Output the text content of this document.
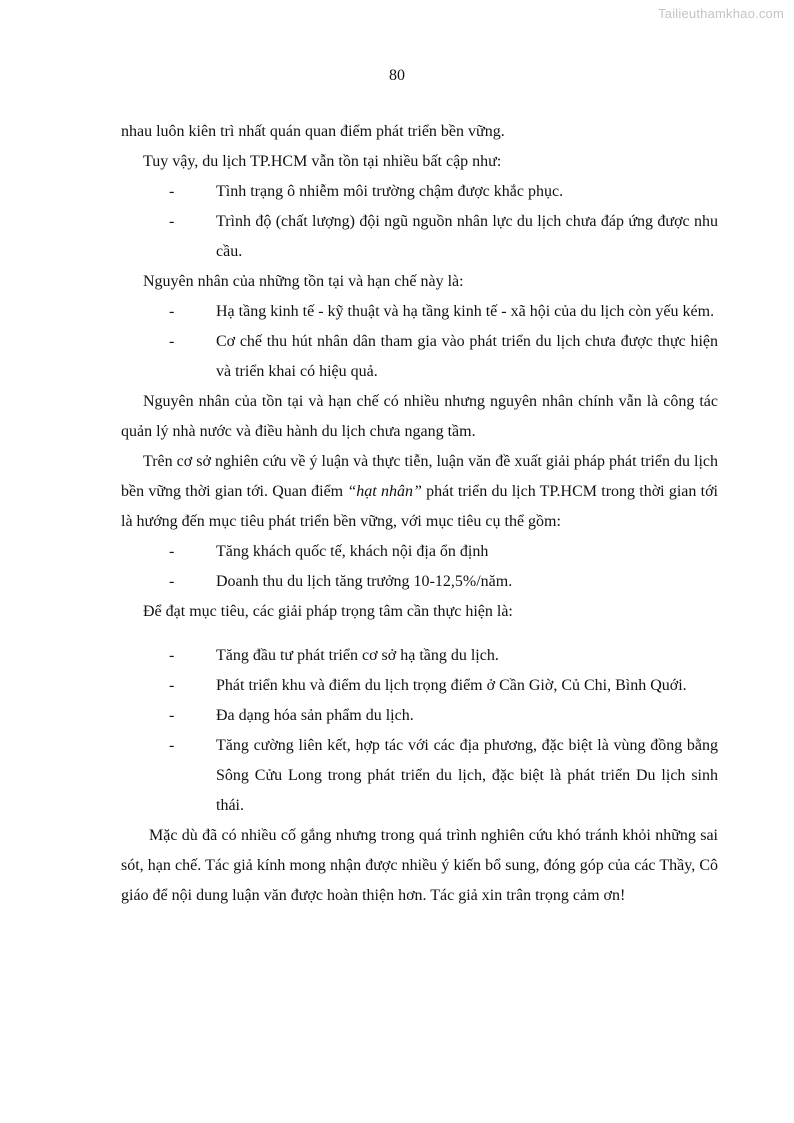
Tailieuthamkhao.com
80

nhau luôn kiên trì nhất quán quan điểm phát triển bền vững.

Tuy vậy, du lịch TP.HCM vẫn tồn tại nhiều bất cập như:

-	Tình trạng ô nhiễm môi trường chậm được khắc phục.
-	Trình độ (chất lượng) đội ngũ nguồn nhân lực du lịch chưa đáp ứng được nhu cầu.

Nguyên nhân của những tồn tại và hạn chế này là:

-	Hạ tầng kinh tế - kỹ thuật và hạ tầng kinh tế - xã hội của du lịch còn yếu kém.
-	Cơ chế thu hút nhân dân tham gia vào phát triển du lịch chưa được thực hiện và triển khai có hiệu quả.

Nguyên nhân của tồn tại và hạn chế có nhiều nhưng nguyên nhân chính vẫn là công tác quản lý nhà nước và điều hành du lịch chưa ngang tầm.

Trên cơ sở nghiên cứu về ý luận và thực tiễn, luận văn đề xuất giải pháp phát triển du lịch bền vững thời gian tới. Quan điểm “hạt nhân” phát triển du lịch TP.HCM trong thời gian tới là hướng đến mục tiêu phát triển bền vững, với mục tiêu cụ thể gồm:

-	Tăng khách quốc tế, khách nội địa ổn định
-	Doanh thu du lịch tăng trưởng 10-12,5%/năm.

Để đạt mục tiêu, các giải pháp trọng tâm cần thực hiện là:

-	Tăng đầu tư phát triển cơ sở hạ tầng du lịch.
-	Phát triển khu và điểm du lịch trọng điểm ở Cần Giờ, Củ Chi, Bình Quới.
-	Đa dạng hóa sản phẩm du lịch.
-	Tăng cường liên kết, hợp tác với các địa phương, đặc biệt là vùng đồng bằng Sông Cửu Long trong phát triển du lịch, đặc biệt là phát triển Du lịch sinh thái.

Mặc dù đã có nhiều cố gắng nhưng trong quá trình nghiên cứu khó tránh khỏi những sai sót, hạn chế. Tác giả kính mong nhận được nhiều ý kiến bổ sung, đóng góp của các Thầy, Cô giáo để nội dung luận văn được hoàn thiện hơn. Tác giả xin trân trọng cảm ơn!
